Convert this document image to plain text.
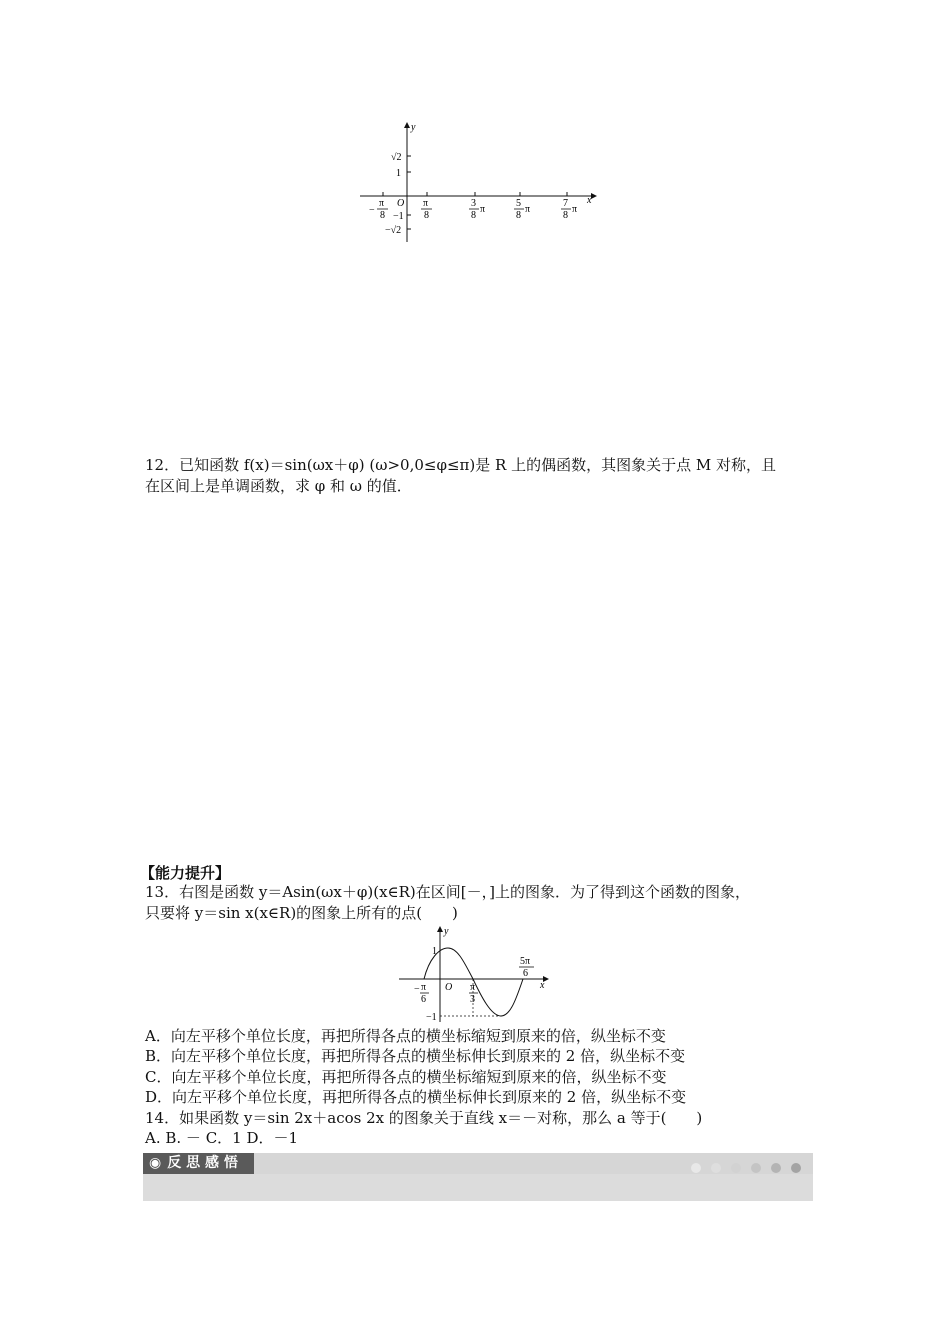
y
x
O
√2
1
−1
−√2
−
π
8
π
8
3
8
π
5
8
π
7
8
π
12．已知函数 f(x)＝sin(ωx＋φ) (ω>0,0≤φ≤π)是 R 上的偶函数，其图象关于点 M 对称，且
在区间上是单调函数，求 φ 和 ω 的值．
【能力提升】
13．右图是函数 y＝Asin(ωx＋φ)(x∈R)在区间[－，]上的图象．为了得到这个函数的图象，
只要将 y＝sin x(x∈R)的图象上所有的点(　　)
y
x
O
1
−1
− π
6
π
3
5π
6
A．向左平移个单位长度，再把所得各点的横坐标缩短到原来的倍，纵坐标不变
B．向左平移个单位长度，再把所得各点的横坐标伸长到原来的 2 倍，纵坐标不变
C．向左平移个单位长度，再把所得各点的横坐标缩短到原来的倍，纵坐标不变
D．向左平移个单位长度，再把所得各点的横坐标伸长到原来的 2 倍，纵坐标不变
14．如果函数 y＝sin 2x＋acos 2x 的图象关于直线 x＝－对称，那么 a 等于(　　)
A. B. － C．1 D．－1
◉ 反 思 感 悟
